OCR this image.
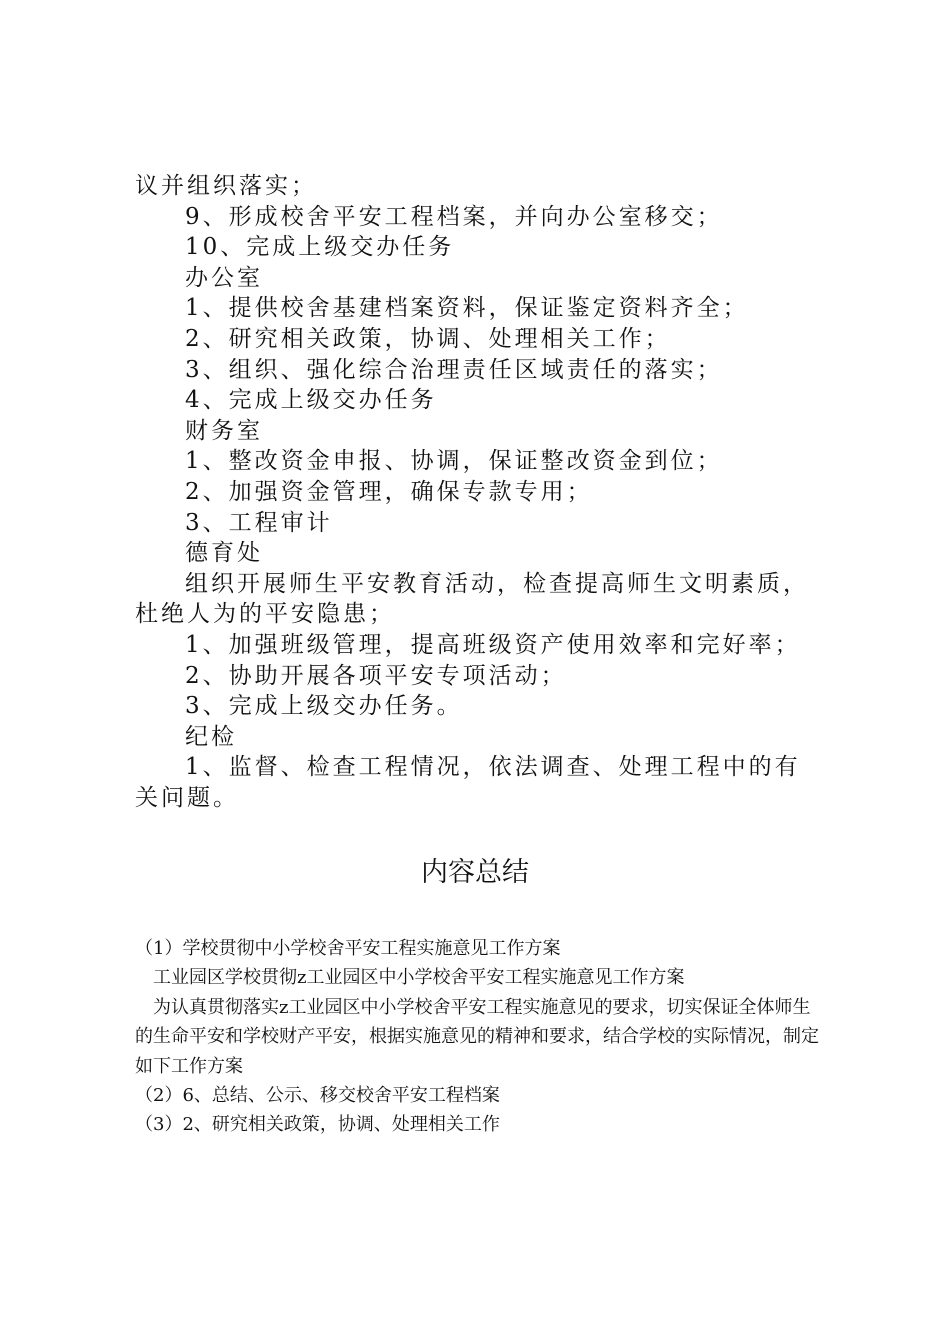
议并组织落实；

9、形成校舍平安工程档案，并向办公室移交；

10、完成上级交办任务

办公室

1、提供校舍基建档案资料，保证鉴定资料齐全；

2、研究相关政策，协调、处理相关工作；

3、组织、强化综合治理责任区域责任的落实；

4、完成上级交办任务

财务室

1、整改资金申报、协调，保证整改资金到位；

2、加强资金管理，确保专款专用；

3、工程审计

德育处

组织开展师生平安教育活动，检查提高师生文明素质，杜绝人为的平安隐患；

1、加强班级管理，提高班级资产使用效率和完好率；

2、协助开展各项平安专项活动；

3、完成上级交办任务。

纪检

1、监督、检查工程情况，依法调查、处理工程中的有关问题。

内容总结

（1）学校贯彻中小学校舍平安工程实施意见工作方案

工业园区学校贯彻z工业园区中小学校舍平安工程实施意见工作方案

为认真贯彻落实z工业园区中小学校舍平安工程实施意见的要求，切实保证全体师生的生命平安和学校财产平安，根据实施意见的精神和要求，结合学校的实际情况，制定如下工作方案

（2）6、总结、公示、移交校舍平安工程档案

（3）2、研究相关政策，协调、处理相关工作
